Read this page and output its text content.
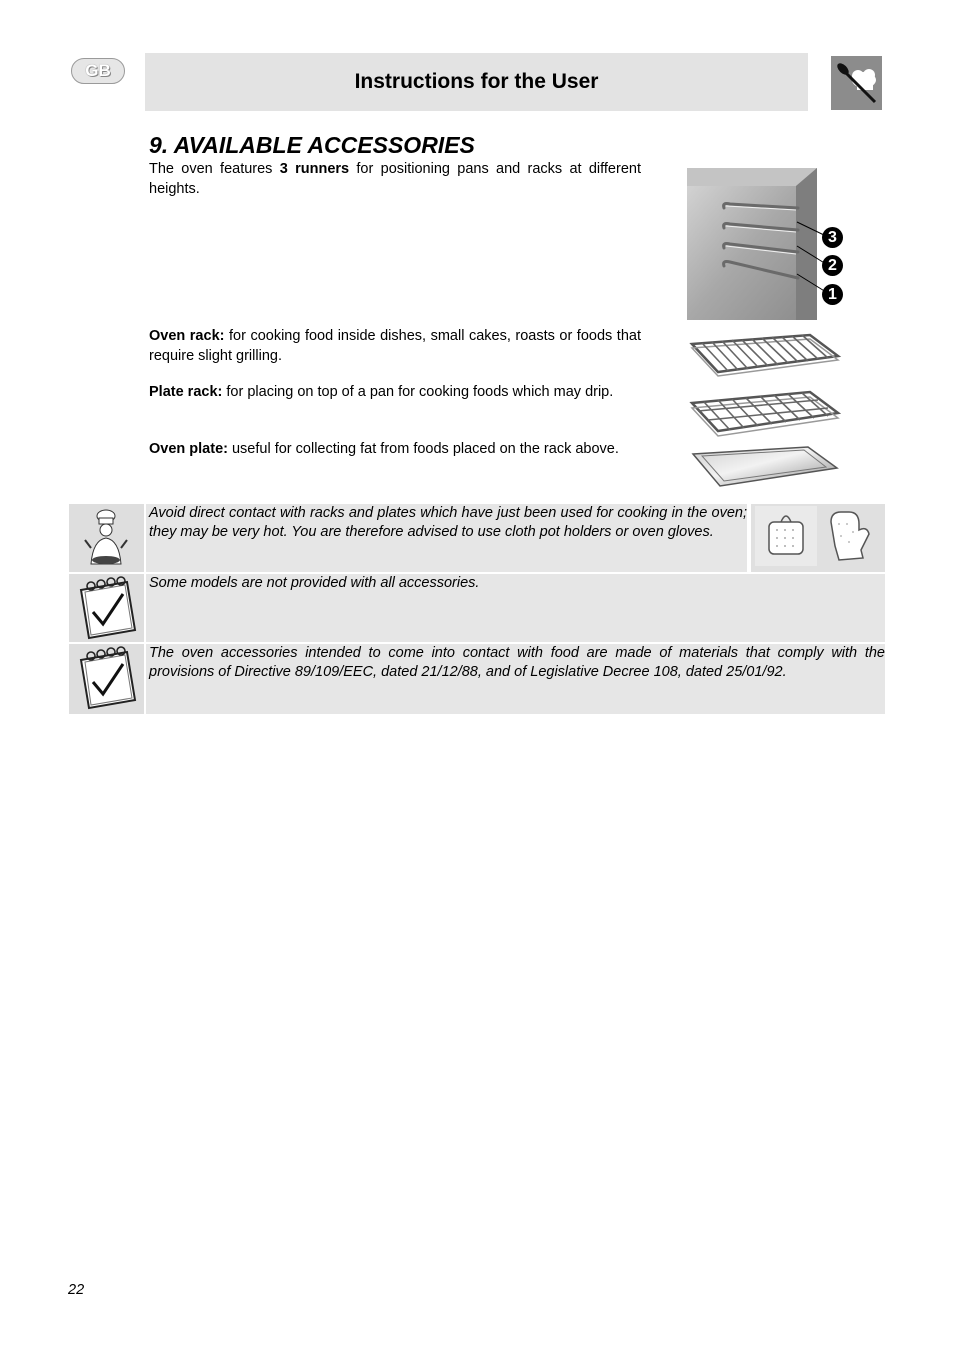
GB	Instructions for the User
9. AVAILABLE ACCESSORIES

The oven features 3 runners for positioning pans and racks at different heights.

3
2
1

Oven rack: for cooking food inside dishes, small cakes, roasts or foods that require slight grilling.

Plate rack: for placing on top of a pan for cooking foods which may drip.

Oven plate: useful for collecting fat from foods placed on the rack above.

Avoid direct contact with racks and plates which have just been used for cooking in the oven; they may be very hot. You are therefore advised to use cloth pot holders or oven gloves.

Some models are not provided with all accessories.

The oven accessories intended to come into contact with food are made of materials that comply with the provisions of Directive 89/109/EEC, dated 21/12/88, and of Legislative Decree 108, dated 25/01/92.

22
